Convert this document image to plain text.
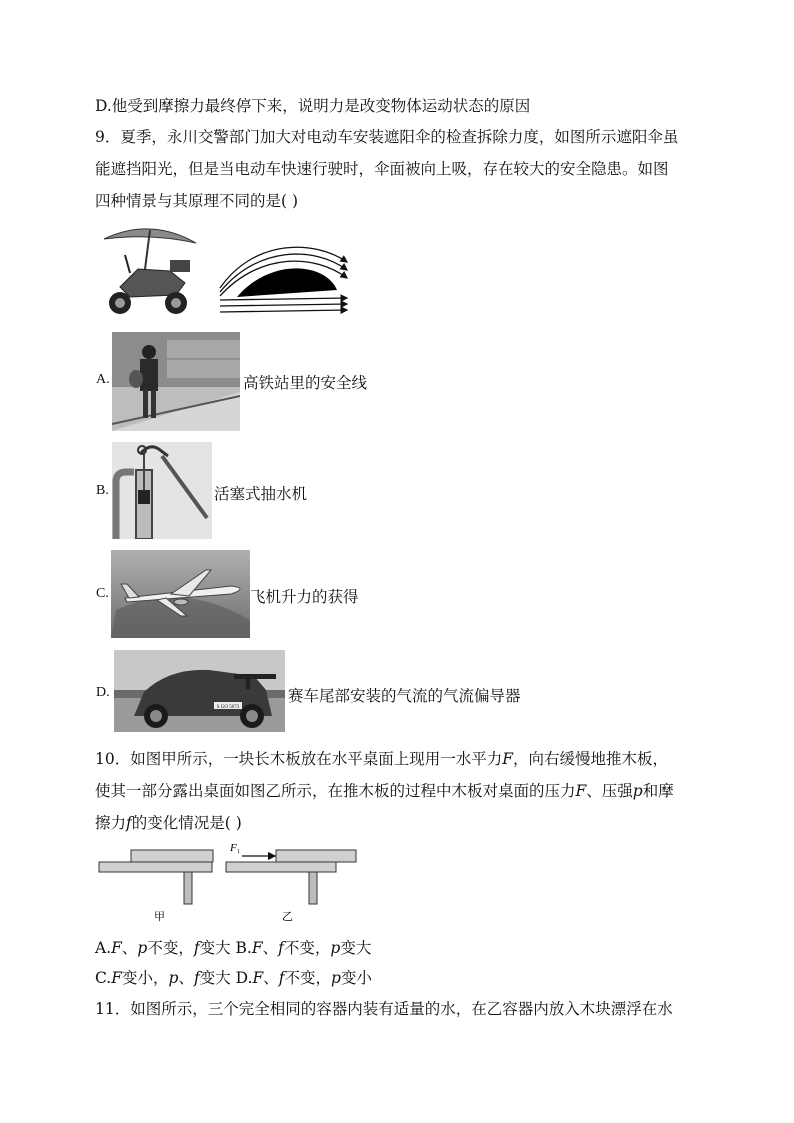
D.他受到摩擦力最终停下来，说明力是改变物体运动状态的原因
9．夏季，永川交警部门加大对电动车安装遮阳伞的检查拆除力度，如图所示遮阳伞虽
能遮挡阳光，但是当电动车快速行驶时，伞面被向上吸，存在较大的安全隐患。如图
四种情景与其原理不同的是( )
A.	高铁站里的安全线
B.	活塞式抽水机
C.	飞机升力的获得
D.
S GO 5073
赛车尾部安装的气流的气流偏导器
10．如图甲所示，一块长木板放在水平桌面上现用一水平力F，向右缓慢地推木板，
使其一部分露出桌面如图乙所示，在推木板的过程中木板对桌面的压力F、压强p和摩
擦力f的变化情况是( )
甲
F 1
乙
A.F、p不变，f变大 B.F、f不变，p变大
C.F变小，p、f变大 D.F、f不变，p变小
11．如图所示，三个完全相同的容器内装有适量的水，在乙容器内放入木块漂浮在水
